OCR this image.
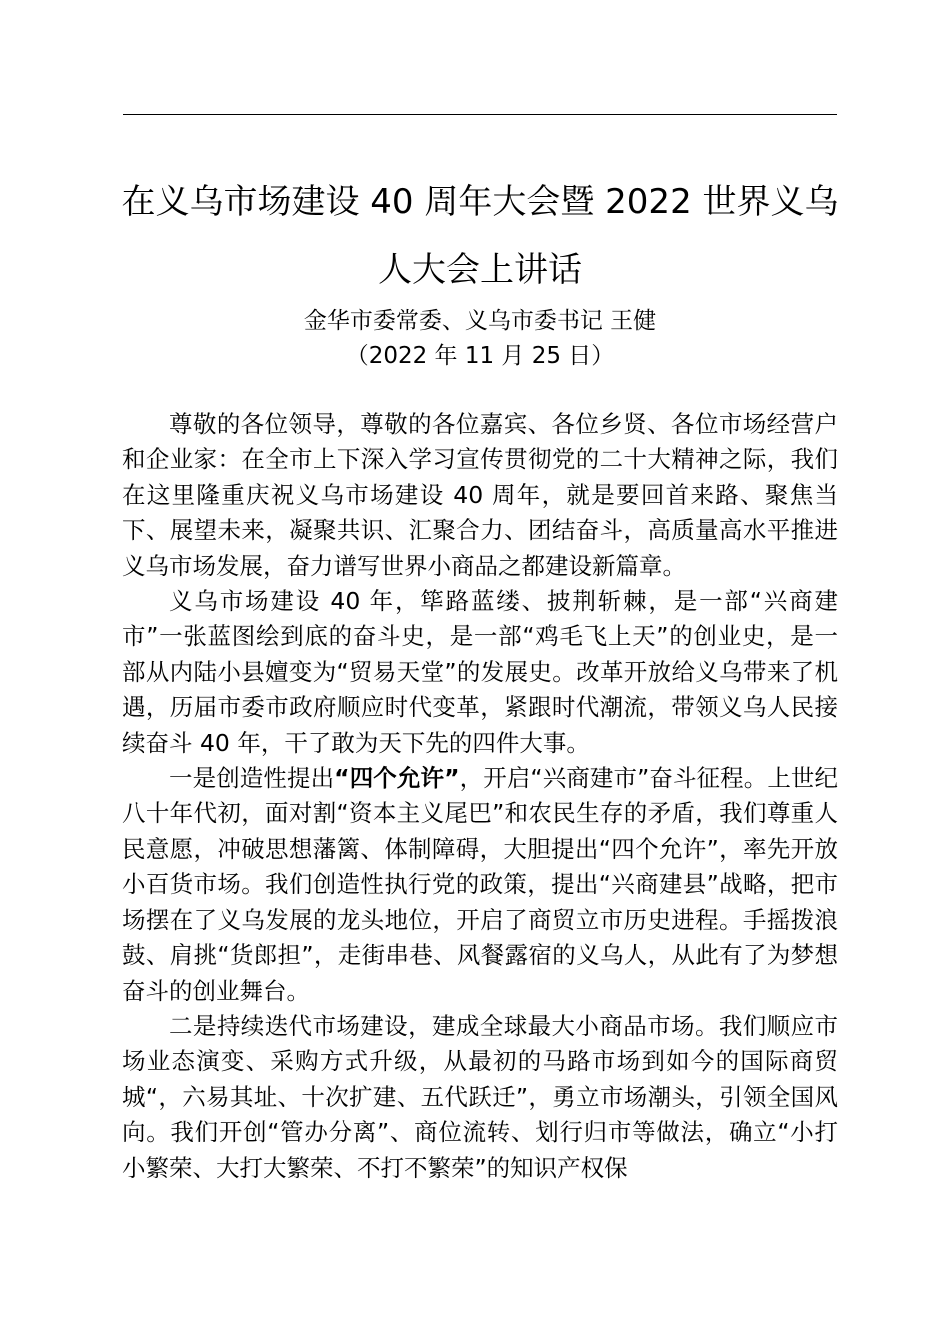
在义乌市场建设 40 周年大会暨 2022 世界义乌
人大会上讲话
金华市委常委、义乌市委书记 王健
（2022 年 11 月 25 日）

尊敬的各位领导，尊敬的各位嘉宾、各位乡贤、各位市场经营户和企业家：在全市上下深入学习宣传贯彻党的二十大精神之际，我们在这里隆重庆祝义乌市场建设 40 周年，就是要回首来路、聚焦当下、展望未来，凝聚共识、汇聚合力、团结奋斗，高质量高水平推进义乌市场发展，奋力谱写世界小商品之都建设新篇章。

义乌市场建设 40 年，筚路蓝缕、披荆斩棘，是一部“兴商建市”一张蓝图绘到底的奋斗史，是一部“鸡毛飞上天”的创业史，是一部从内陆小县嬗变为“贸易天堂”的发展史。改革开放给义乌带来了机遇，历届市委市政府顺应时代变革，紧跟时代潮流，带领义乌人民接续奋斗 40 年，干了敢为天下先的四件大事。

一是创造性提出“四个允许”，开启“兴商建市”奋斗征程。上世纪八十年代初，面对割“资本主义尾巴”和农民生存的矛盾，我们尊重人民意愿，冲破思想藩篱、体制障碍，大胆提出“四个允许”，率先开放小百货市场。我们创造性执行党的政策，提出“兴商建县”战略，把市场摆在了义乌发展的龙头地位，开启了商贸立市历史进程。手摇拨浪鼓、肩挑“货郎担”，走街串巷、风餐露宿的义乌人，从此有了为梦想奋斗的创业舞台。

二是持续迭代市场建设，建成全球最大小商品市场。我们顺应市场业态演变、采购方式升级，从最初的马路市场到如今的国际商贸城“，六易其址、十次扩建、五代跃迁”，勇立市场潮头，引领全国风向。我们开创“管办分离”、商位流转、划行归市等做法，确立“小打小繁荣、大打大繁荣、不打不繁荣”的知识产权保
